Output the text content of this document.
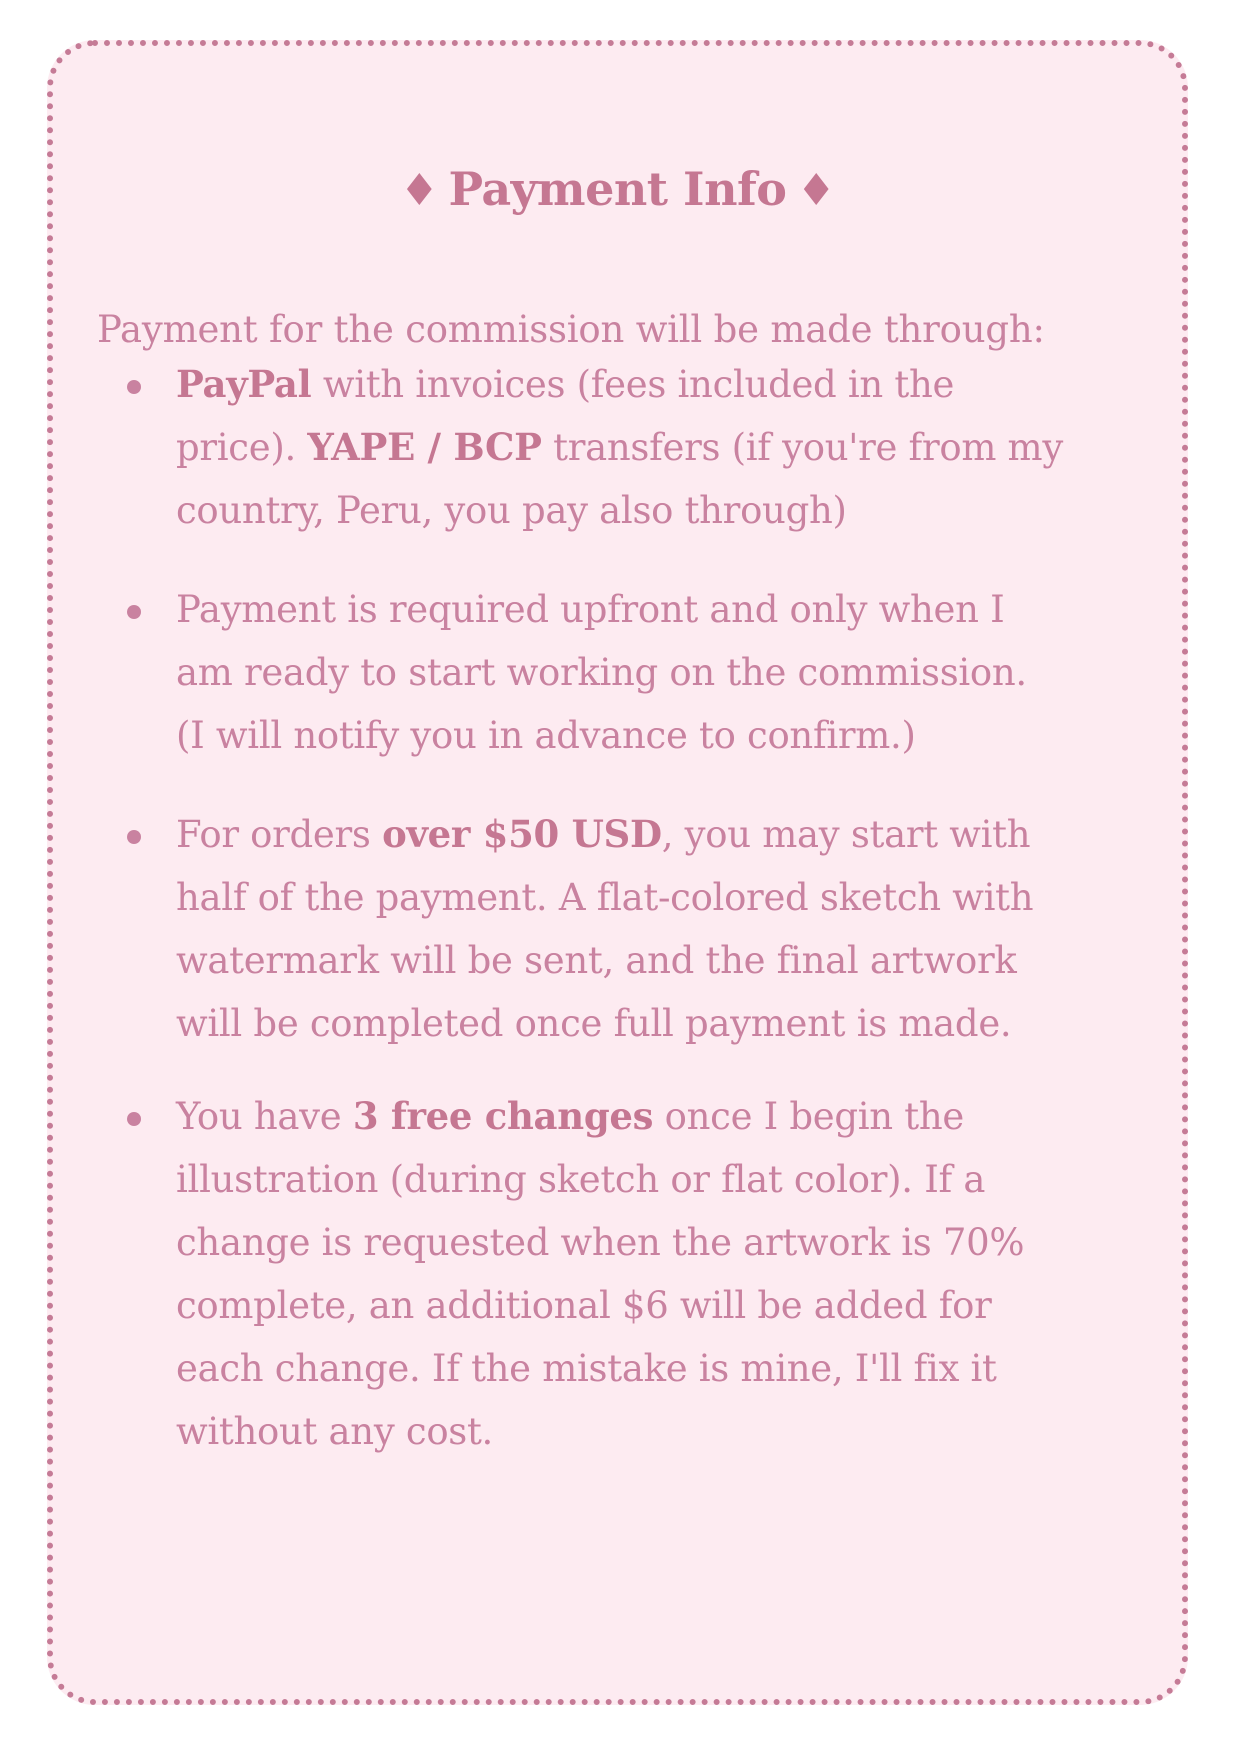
♦ Payment Info ♦
Payment for the commission will be made through:
PayPal with invoices (fees included in the
price). YAPE / BCP transfers (if you're from my
country, Peru, you pay also through)
Payment is required upfront and only when I
am ready to start working on the commission.
(I will notify you in advance to confirm.)
For orders over $50 USD, you may start with
half of the payment. A flat-colored sketch with
watermark will be sent, and the final artwork
will be completed once full payment is made.
You have 3 free changes once I begin the
illustration (during sketch or flat color). If a
change is requested when the artwork is 70%
complete, an additional $6 will be added for
each change. If the mistake is mine, I'll fix it
without any cost.
